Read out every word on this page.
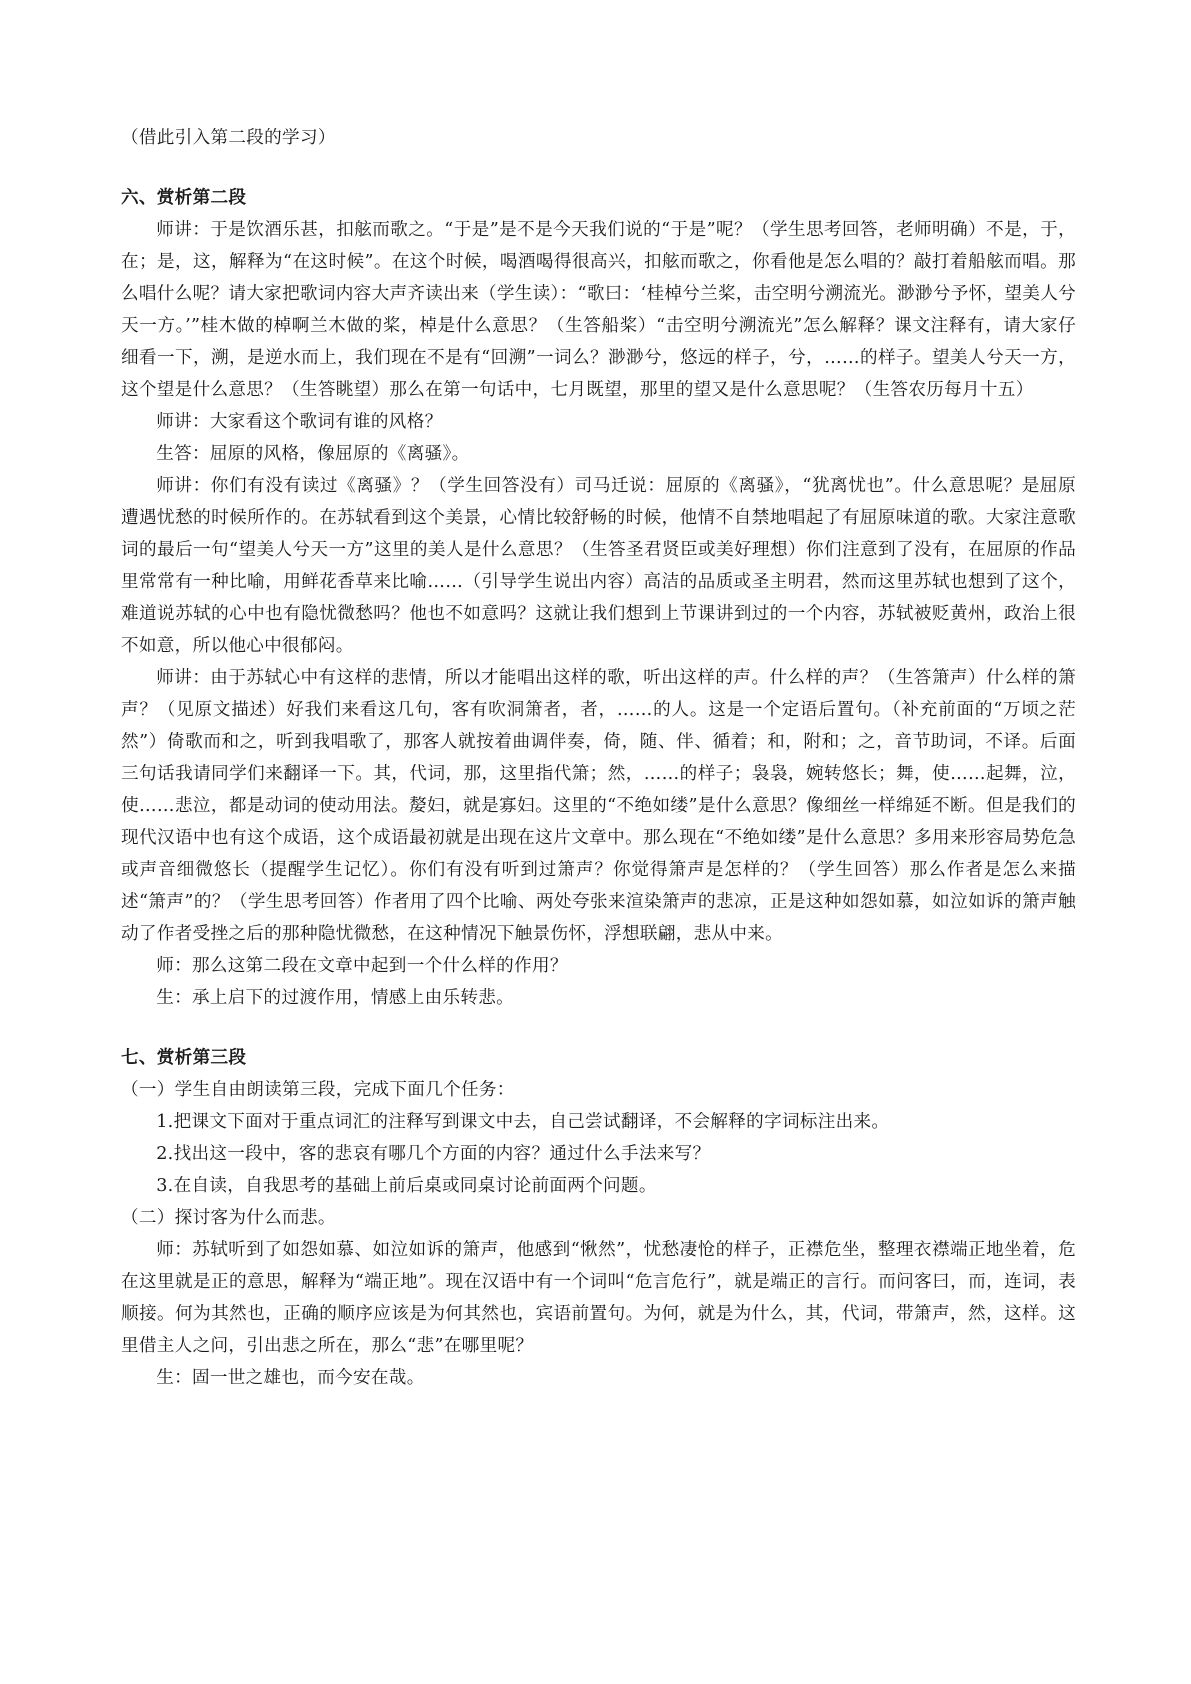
（借此引入第二段的学习）

六、赏析第二段

师讲：于是饮酒乐甚，扣舷而歌之。“于是”是不是今天我们说的“于是”呢？（学生思考回答，老师明确）不是，于，在；是，这，解释为“在这时候”。在这个时候，喝酒喝得很高兴，扣舷而歌之，你看他是怎么唱的？敲打着船舷而唱。那么唱什么呢？请大家把歌词内容大声齐读出来（学生读）：“歌曰：‘桂棹兮兰桨，击空明兮溯流光。渺渺兮予怀，望美人兮天一方。’”桂木做的棹啊兰木做的桨，棹是什么意思？（生答船桨）“击空明兮溯流光”怎么解释？课文注释有，请大家仔细看一下，溯，是逆水而上，我们现在不是有“回溯”一词么？渺渺兮，悠远的样子，兮，……的样子。望美人兮天一方，这个望是什么意思？（生答眺望）那么在第一句话中，七月既望，那里的望又是什么意思呢？（生答农历每月十五）

师讲：大家看这个歌词有谁的风格？

生答：屈原的风格，像屈原的《离骚》。

师讲：你们有没有读过《离骚》？（学生回答没有）司马迁说：屈原的《离骚》，“犹离忧也”。什么意思呢？是屈原遭遇忧愁的时候所作的。在苏轼看到这个美景，心情比较舒畅的时候，他情不自禁地唱起了有屈原味道的歌。大家注意歌词的最后一句“望美人兮天一方”这里的美人是什么意思？（生答圣君贤臣或美好理想）你们注意到了没有，在屈原的作品里常常有一种比喻，用鲜花香草来比喻……（引导学生说出内容）高洁的品质或圣主明君，然而这里苏轼也想到了这个，难道说苏轼的心中也有隐忧微愁吗？他也不如意吗？这就让我们想到上节课讲到过的一个内容，苏轼被贬黄州，政治上很不如意，所以他心中很郁闷。

师讲：由于苏轼心中有这样的悲情，所以才能唱出这样的歌，听出这样的声。什么样的声？（生答箫声）什么样的箫声？（见原文描述）好我们来看这几句，客有吹洞箫者，者，……的人。这是一个定语后置句。（补充前面的“万顷之茫然”）倚歌而和之，听到我唱歌了，那客人就按着曲调伴奏，倚，随、伴、循着；和，附和；之，音节助词，不译。后面三句话我请同学们来翻译一下。其，代词，那，这里指代箫；然，……的样子；袅袅，婉转悠长；舞，使……起舞，泣，使……悲泣，都是动词的使动用法。嫠妇，就是寡妇。这里的“不绝如缕”是什么意思？像细丝一样绵延不断。但是我们的现代汉语中也有这个成语，这个成语最初就是出现在这片文章中。那么现在“不绝如缕”是什么意思？多用来形容局势危急或声音细微悠长（提醒学生记忆）。你们有没有听到过箫声？你觉得箫声是怎样的？（学生回答）那么作者是怎么来描述“箫声”的？（学生思考回答）作者用了四个比喻、两处夸张来渲染箫声的悲凉，正是这种如怨如慕，如泣如诉的箫声触动了作者受挫之后的那种隐忧微愁，在这种情况下触景伤怀，浮想联翩，悲从中来。

师：那么这第二段在文章中起到一个什么样的作用？

生：承上启下的过渡作用，情感上由乐转悲。

七、赏析第三段

（一）学生自由朗读第三段，完成下面几个任务：

1.把课文下面对于重点词汇的注释写到课文中去，自己尝试翻译，不会解释的字词标注出来。

2.找出这一段中，客的悲哀有哪几个方面的内容？通过什么手法来写？

3.在自读，自我思考的基础上前后桌或同桌讨论前面两个问题。

（二）探讨客为什么而悲。

师：苏轼听到了如怨如慕、如泣如诉的箫声，他感到“愀然”，忧愁凄怆的样子，正襟危坐，整理衣襟端正地坐着，危在这里就是正的意思，解释为“端正地”。现在汉语中有一个词叫“危言危行”，就是端正的言行。而问客曰，而，连词，表顺接。何为其然也，正确的顺序应该是为何其然也，宾语前置句。为何，就是为什么，其，代词，带箫声，然，这样。这里借主人之问，引出悲之所在，那么“悲”在哪里呢？

生：固一世之雄也，而今安在哉。
